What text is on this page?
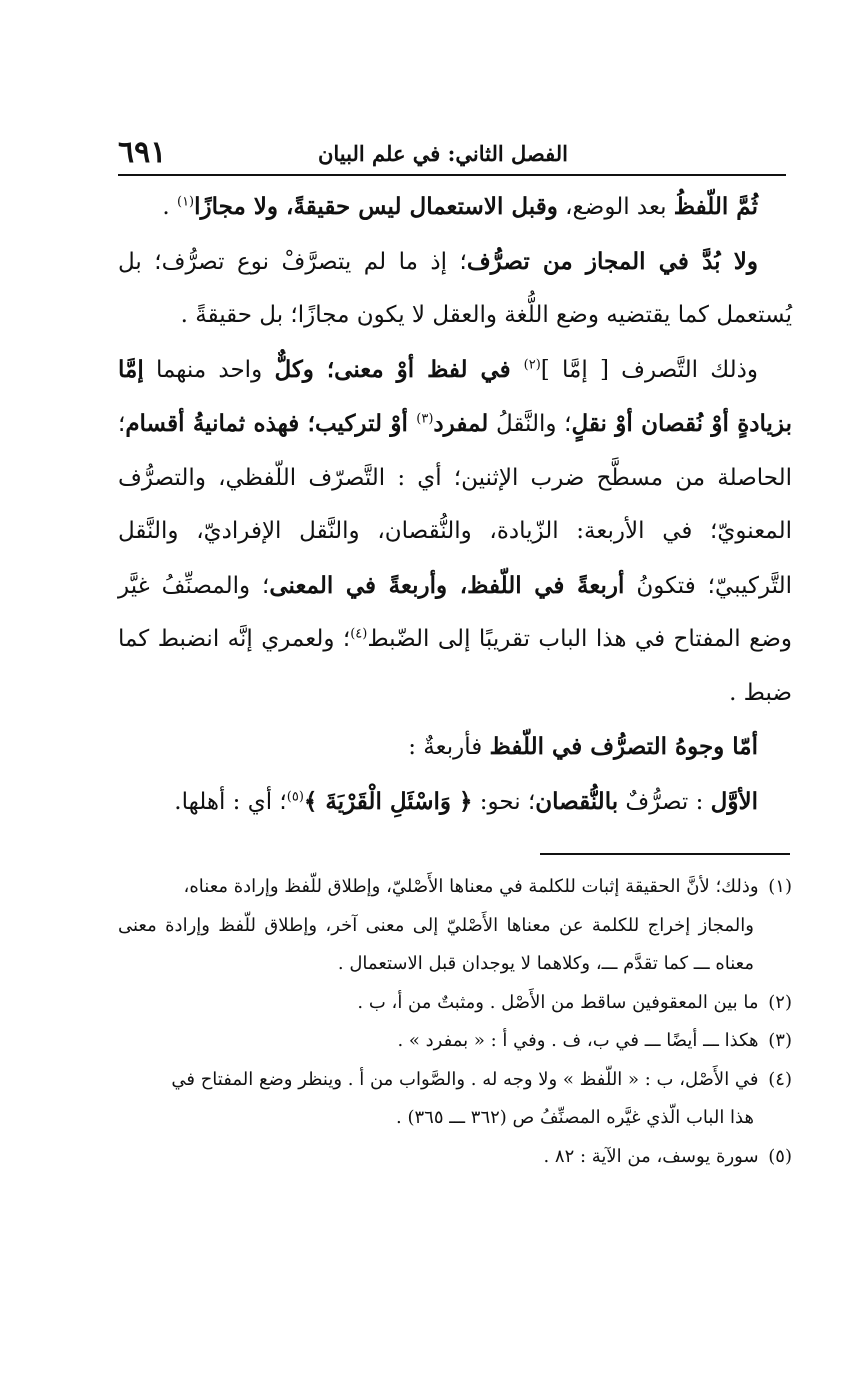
الفصل الثاني: في علم البيان
٦٩١

ثُمَّ اللّفظُ بعد الوضع، وقبل الاستعمال ليس حقيقةً، ولا مجازًا$^{(١)}$ .

ولا بُدَّ في المجاز من تصرُّف؛ إذ ما لم يتصرَّفْ نوع تصرُّف؛ بل يُستعمل كما يقتضيه وضع اللُّغة والعقل لا يكون مجازًا؛ بل حقيقةً .

وذلك التَّصرف [ إمَّا ]$^{(٢)}$ في لفظ أوْ معنى؛ وكلٌّ واحد منهما إمَّا بزيادةٍ أوْ نُقصان أوْ نقلٍ؛ والنَّقلُ لمفرد$^{(٣)}$ أوْ لتركيب؛ فهذه ثمانيةُ أقسام؛ الحاصلة من مسطَّح ضرب الإثنين؛ أي : التَّصرّف اللّفظي، والتصرُّف المعنويّ؛ في الأربعة: الزّيادة، والنُّقصان، والنَّقل الإفراديّ، والنَّقل التَّركيبيّ؛ فتكونُ أربعةً في اللّفظ، وأربعةً في المعنى؛ والمصنِّفُ غيَّر وضع المفتاح في هذا الباب تقريبًا إلى الضّبط$^{(٤)}$؛ ولعمري إنَّه انضبط كما ضبط .

أمّا وجوهُ التصرُّف في اللّفظ فأربعةٌ :

الأوَّل : تصرُّفٌ بالنُّقصان؛ نحو: ﴿ وَاسْئَلِ الْقَرْيَةَ ﴾$^{(٥)}$؛ أي : أهلها.

(١) وذلك؛ لأنَّ الحقيقة إثبات للكلمة في معناها الأَصْليّ، وإطلاق للّفظ وإرادة معناه،

والمجاز إخراج للكلمة عن معناها الأَصْليّ إلى معنى آخر، وإطلاق للّفظ وإرادة معنى معناه ـــ كما تقدَّم ـــ، وكلاهما لا يوجدان قبل الاستعمال .

(٢) ما بين المعقوفين ساقط من الأَصْل . ومثبتٌ من أ، ب .

(٣) هكذا ـــ أيضًا ـــ في ب، ف . وفي أ : « بمفرد » .

(٤) في الأَصْل، ب : « اللّفظ » ولا وجه له . والصَّواب من أ . وينظر وضع المفتاح في

هذا الباب الّذي غيَّره المصنِّفُ ص (٣٦٢ ـــ ٣٦٥) .

(٥) سورة يوسف، من الآية : ٨٢ .
